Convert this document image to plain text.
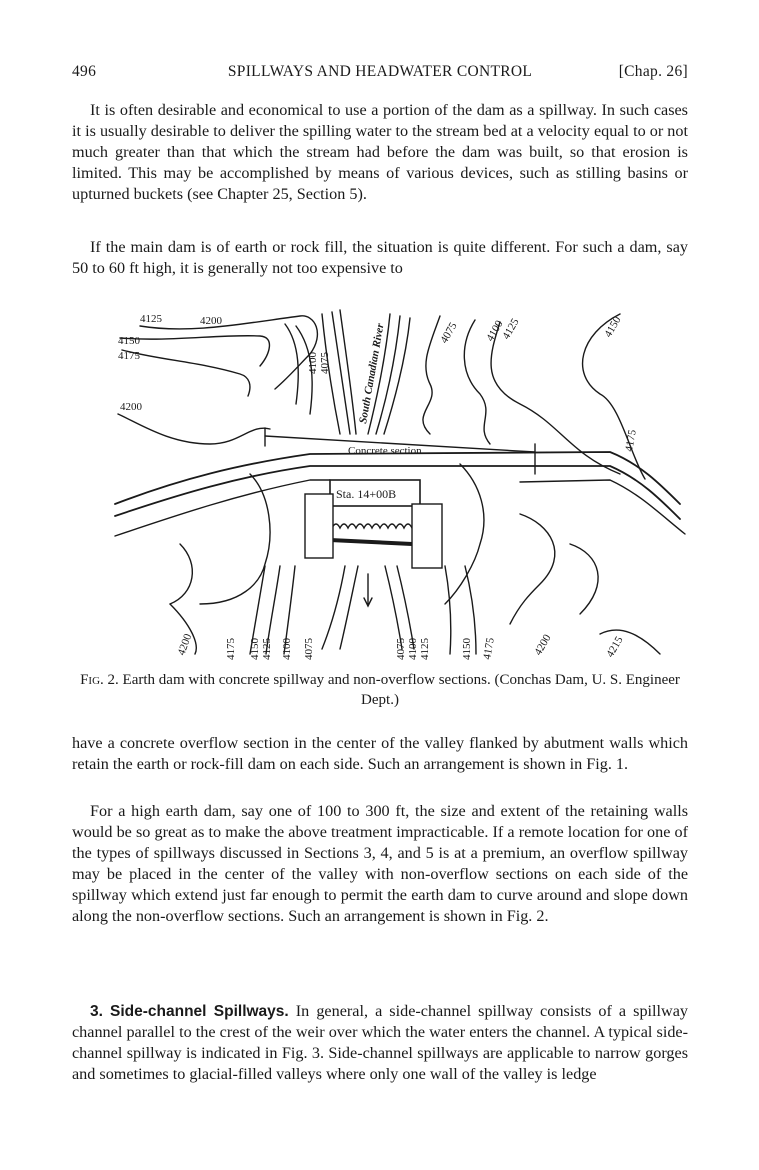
496	SPILLWAYS AND HEADWATER CONTROL	[Chap. 26]

It is often desirable and economical to use a portion of the dam as a spillway. In such cases it is usually desirable to deliver the spilling water to the stream bed at a velocity equal to or not much greater than that which the stream had before the dam was built, so that erosion is limited. This may be accomplished by means of various devices, such as stilling basins or upturned buckets (see Chapter 25, Section 5).

If the main dam is of earth or rock fill, the situation is quite different. For such a dam, say 50 to 60 ft high, it is generally not too expensive to

4125	4200
4150
4175
4200
4100 4075 South Canadian River	4075 4100
4125	4150
4175
Concrete section
Sta. 14+00B
4200	4175 4150 4125 4100 4075	4075 4100 4125	4150 4175	4200	4215
Fig. 2. Earth dam with concrete spillway and non-overflow sections. (Conchas Dam, U. S. Engineer Dept.)

have a concrete overflow section in the center of the valley flanked by abutment walls which retain the earth or rock-fill dam on each side. Such an arrangement is shown in Fig. 1.

For a high earth dam, say one of 100 to 300 ft, the size and extent of the retaining walls would be so great as to make the above treatment impracticable. If a remote location for one of the types of spillways discussed in Sections 3, 4, and 5 is at a premium, an overflow spillway may be placed in the center of the valley with non-overflow sections on each side of the spillway which extend just far enough to permit the earth dam to curve around and slope down along the non-overflow sections. Such an arrangement is shown in Fig. 2.

3. Side-channel Spillways. In general, a side-channel spillway consists of a spillway channel parallel to the crest of the weir over which the water enters the channel. A typical side-channel spillway is indicated in Fig. 3. Side-channel spillways are applicable to narrow gorges and sometimes to glacial-filled valleys where only one wall of the valley is ledge
